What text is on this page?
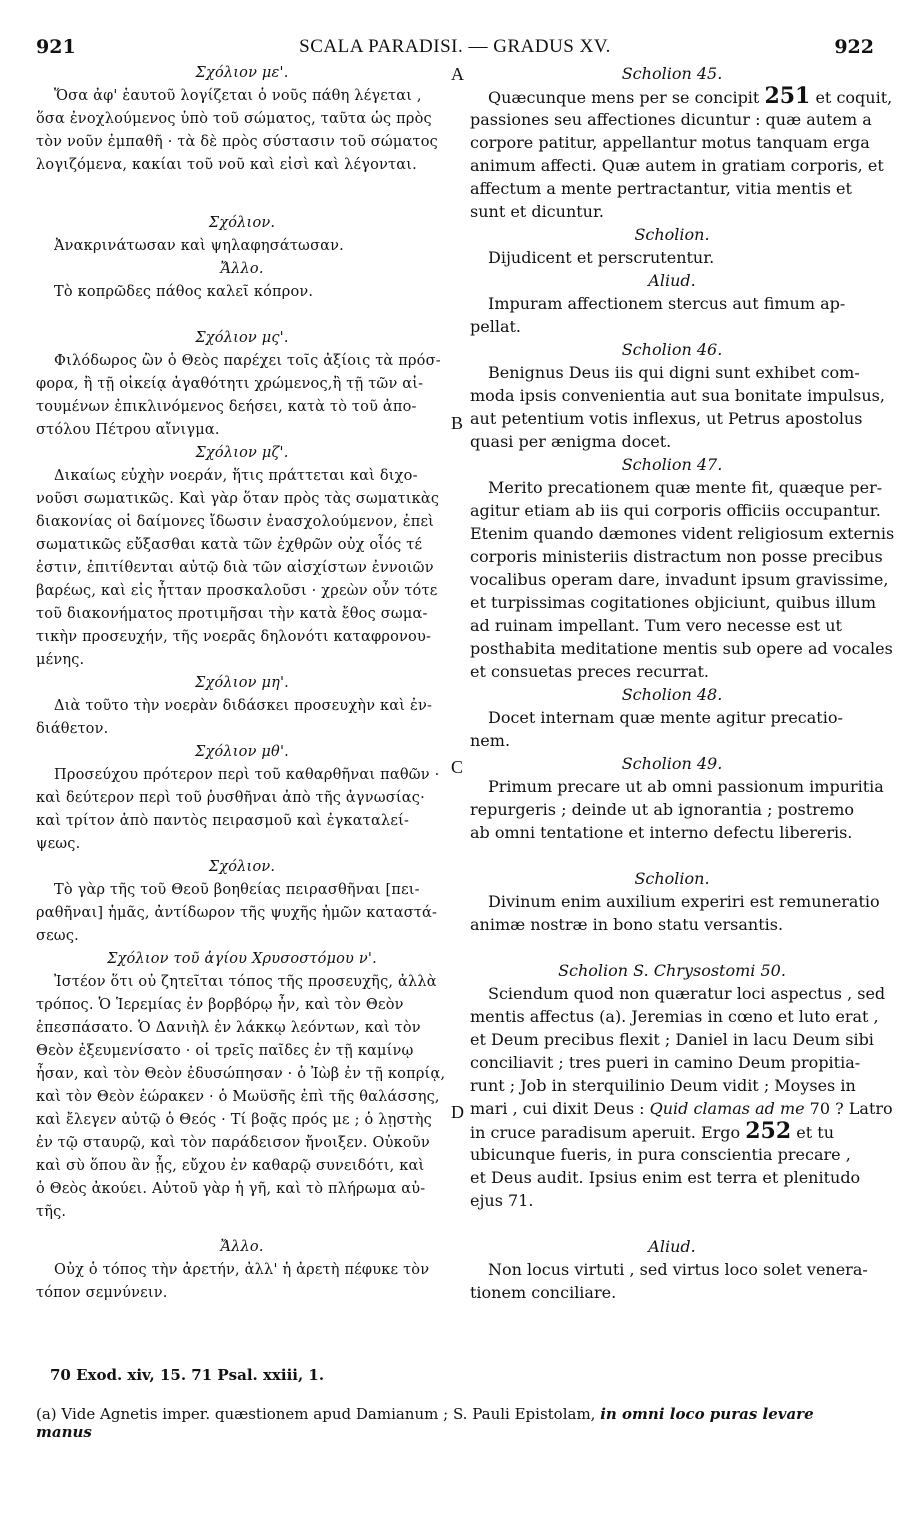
921	SCALA PARADISI. — GRADUS XV.	922
Σχόλιον με'.
Ὅσα ἀφ' ἑαυτοῦ λογίζεται ὁ νοῦς πάθη λέγεται ,
ὅσα ἐνοχλούμενος ὑπὸ τοῦ σώματος, ταῦτα ὡς πρὸς
τὸν νοῦν ἐμπαθῆ · τὰ δὲ πρὸς σύστασιν τοῦ σώματος
λογιζόμενα, κακίαι τοῦ νοῦ καὶ εἰσὶ καὶ λέγονται.
Σχόλιον.
Ἀνακρινάτωσαν καὶ ψηλαφησάτωσαν.
Ἄλλο.
Τὸ κοπρῶδες πάθος καλεῖ κόπρον.
Σχόλιον μς'.
Φιλόδωρος ὢν ὁ Θεὸς παρέχει τοῖς ἀξίοις τὰ πρόσ-
φορα, ἢ τῇ οἰκείᾳ ἀγαθότητι χρώμενος,ἢ τῇ τῶν αἰ-
τουμένων ἐπικλινόμενος δεήσει, κατὰ τὸ τοῦ ἀπο-
στόλου Πέτρου αἴνιγμα.
Σχόλιον μζ'.
Δικαίως εὐχὴν νοεράν, ἥτις πράττεται καὶ διχο-
νοῦσι σωματικῶς. Καὶ γὰρ ὅταν πρὸς τὰς σωματικὰς
διακονίας οἱ δαίμονες ἴδωσιν ἐνασχολούμενον, ἐπεὶ
σωματικῶς εὔξασθαι κατὰ τῶν ἐχθρῶν οὐχ οἷός τέ
ἐστιν, ἐπιτίθενται αὐτῷ διὰ τῶν αἰσχίστων ἐννοιῶν
βαρέως, καὶ εἰς ἧτταν προσκαλοῦσι · χρεὼν οὖν τότε
τοῦ διακονήματος προτιμῆσαι τὴν κατὰ ἔθος σωμα-
τικὴν προσευχήν, τῆς νοερᾶς δηλονότι καταφρονου-
μένης.
Σχόλιον μη'.
Διὰ τοῦτο τὴν νοερὰν διδάσκει προσευχὴν καὶ ἐν-
διάθετον.
Σχόλιον μθ'.
Προσεύχου πρότερον περὶ τοῦ καθαρθῆναι παθῶν ·
καὶ δεύτερον περὶ τοῦ ῥυσθῆναι ἀπὸ τῆς ἀγνωσίας·
καὶ τρίτον ἀπὸ παντὸς πειρασμοῦ καὶ ἐγκαταλεί-
ψεως.
Σχόλιον.
Τὸ γὰρ τῆς τοῦ Θεοῦ βοηθείας πειρασθῆναι [πει-
ραθῆναι] ἡμᾶς, ἀντίδωρον τῆς ψυχῆς ἡμῶν καταστά-
σεως.
Σχόλιον τοῦ ἁγίου Χρυσοστόμου ν'.
Ἰστέον ὅτι οὐ ζητεῖται τόπος τῆς προσευχῆς, ἀλλὰ
τρόπος. Ὁ Ἱερεμίας ἐν βορβόρῳ ἦν, καὶ τὸν Θεὸν
ἐπεσπάσατο. Ὁ Δανιὴλ ἐν λάκκῳ λεόντων, καὶ τὸν
Θεὸν ἐξευμενίσατο · οἱ τρεῖς παῖδες ἐν τῇ καμίνῳ
ἦσαν, καὶ τὸν Θεὸν ἐδυσώπησαν · ὁ Ἰὼβ ἐν τῇ κοπρίᾳ,
καὶ τὸν Θεὸν ἑώρακεν · ὁ Μωϋσῆς ἐπὶ τῆς θαλάσσης,
καὶ ἔλεγεν αὐτῷ ὁ Θεός · Τί βοᾷς πρός με ; ὁ λῃστὴς
ἐν τῷ σταυρῷ, καὶ τὸν παράδεισον ἤνοιξεν. Οὐκοῦν
καὶ σὺ ὅπου ἂν ᾖς, εὔχου ἐν καθαρῷ συνειδότι, καὶ
ὁ Θεὸς ἀκούει. Αὐτοῦ γὰρ ἡ γῆ, καὶ τὸ πλήρωμα αὐ-
τῆς.
Ἄλλο.
Οὐχ ὁ τόπος τὴν ἀρετήν, ἀλλ' ἡ ἀρετὴ πέφυκε τὸν
τόπον σεμνύνειν.
Scholion 45.
Quæcunque mens per se concipit 251 et coquit,
passiones seu affectiones dicuntur : quæ autem a
corpore patitur, appellantur motus tanquam erga
animum affecti. Quæ autem in gratiam corporis, et
affectum a mente pertractantur, vitia mentis et
sunt et dicuntur.
Scholion.
Dijudicent et perscrutentur.
Aliud.
Impuram affectionem stercus aut fimum ap-
pellat.
Scholion 46.
Benignus Deus iis qui digni sunt exhibet com-
moda ipsis convenientia aut sua bonitate impulsus,
aut petentium votis inflexus, ut Petrus apostolus
quasi per ænigma docet.
Scholion 47.
Merito precationem quæ mente fit, quæque per-
agitur etiam ab iis qui corporis officiis occupantur.
Etenim quando dæmones vident religiosum externis
corporis ministeriis distractum non posse precibus
vocalibus operam dare, invadunt ipsum gravissime,
et turpissimas cogitationes objiciunt, quibus illum
ad ruinam impellant. Tum vero necesse est ut
posthabita meditatione mentis sub opere ad vocales
et consuetas preces recurrat.
Scholion 48.
Docet internam quæ mente agitur precatio-
nem.
Scholion 49.
Primum precare ut ab omni passionum impuritia
repurgeris ; deinde ut ab ignorantia ; postremo
ab omni tentatione et interno defectu libereris.
Scholion.
Divinum enim auxilium experiri est remuneratio
animæ nostræ in bono statu versantis.
Scholion S. Chrysostomi 50.
Sciendum quod non quæratur loci aspectus , sed
mentis affectus (a). Jeremias in cœno et luto erat ,
et Deum precibus flexit ; Daniel in lacu Deum sibi
conciliavit ; tres pueri in camino Deum propitia-
runt ; Job in sterquilinio Deum vidit ; Moyses in
mari , cui dixit Deus : Quid clamas ad me 70 ? Latro
in cruce paradisum aperuit. Ergo 252 et tu
ubicunque fueris, in pura conscientia precare ,
et Deus audit. Ipsius enim est terra et plenitudo
ejus 71.
Aliud.
Non locus virtuti , sed virtus loco solet venera-
tionem conciliare.
A
B
C
D
70 Exod. xiv, 15. 71 Psal. xxiii, 1.
(a) Vide Agnetis imper. quæstionem apud Damianum ; S. Pauli Epistolam, in omni loco puras levare
manus
